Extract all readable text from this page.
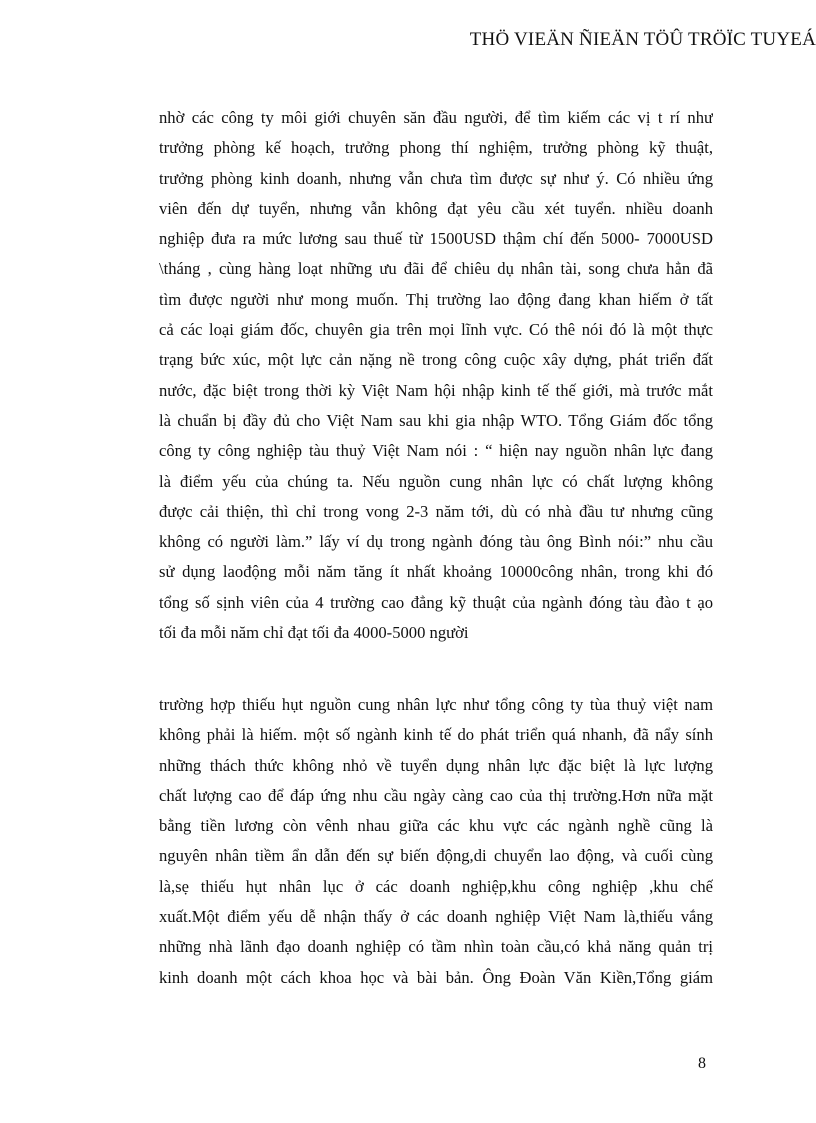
THÖ VIEÄN ÑIEÄN TÖÛ TRÖÏC TUYEÁ
nhờ các công ty môi giới chuyên săn đầu người, để tìm kiếm các vị t rí như
trưởng phòng kế hoạch, trưởng phong thí nghiệm, trưởng phòng kỹ thuật,
trưởng phòng kinh doanh, nhưng vẫn chưa tìm được sự như ý. Có nhiều ứng
viên đến dự tuyển, nhưng vẫn không đạt yêu cầu xét tuyển. nhiều doanh
nghiệp đưa ra mức lương sau thuế từ 1500USD thậm chí đến 5000- 7000USD
\tháng , cùng hàng loạt những ưu đãi để chiêu dụ nhân tài, song chưa hẳn đã
tìm được người như mong muốn. Thị trường lao động đang khan hiếm ở tất
cả các loại giám đốc, chuyên gia trên mọi lĩnh vực. Có thê nói đó là một thực
trạng bức xúc, một lực cản nặng nề trong công cuộc xây dựng, phát triển đất
nước, đặc biệt trong thời kỳ Việt Nam hội nhập kinh tế thế giới, mà trước mắt
là chuẩn bị đầy đủ cho Việt Nam sau khi gia nhập WTO. Tổng Giám đốc tổng
công ty công nghiệp tàu thuỷ Việt Nam nói : “ hiện nay nguồn nhân lực đang
là điểm yếu của chúng ta. Nếu nguồn cung nhân lực có chất lượng không
được cải thiện, thì chỉ trong vong 2-3 năm tới, dù có nhà đầu tư nhưng cũng
không có người làm.” lấy ví dụ trong ngành đóng tàu ông Bình nói:” nhu cầu
sử dụng laođộng mỗi năm tăng ít nhất khoảng 10000công nhân, trong khi đó
tổng số sịnh viên của 4 trường cao đẳng kỹ thuật của ngành đóng tàu đào t ạo
tối đa mỗi năm chỉ đạt tối đa 4000-5000 người
trường hợp thiếu hụt nguồn cung nhân lực như tổng công ty tùa thuỷ việt nam
không phải là hiếm. một số ngành kinh tế do phát triển quá nhanh, đã nẩy sính
những thách thức không nhỏ về tuyển dụng nhân lực đặc biệt là lực lượng
chất lượng cao để đáp ứng nhu cầu ngày càng cao của thị trường.Hơn nữa mặt
bằng tiền lương còn vênh nhau giữa các khu vực các ngành nghề cũng là
nguyên nhân tiềm ẩn dẫn đến sự biến động,di chuyển lao động, và cuối cùng
là,sẹ thiếu hụt nhân lục ở các doanh nghiệp,khu công nghiệp ,khu chế
xuất.Một điểm yếu dễ nhận thấy ở các doanh nghiệp Việt Nam là,thiếu vắng
những nhà lãnh đạo doanh nghiệp có tầm nhìn toàn cầu,có khả năng quản trị
kinh doanh một cách khoa học và bài bản. Ông Đoàn Văn Kiền,Tổng giám
8
